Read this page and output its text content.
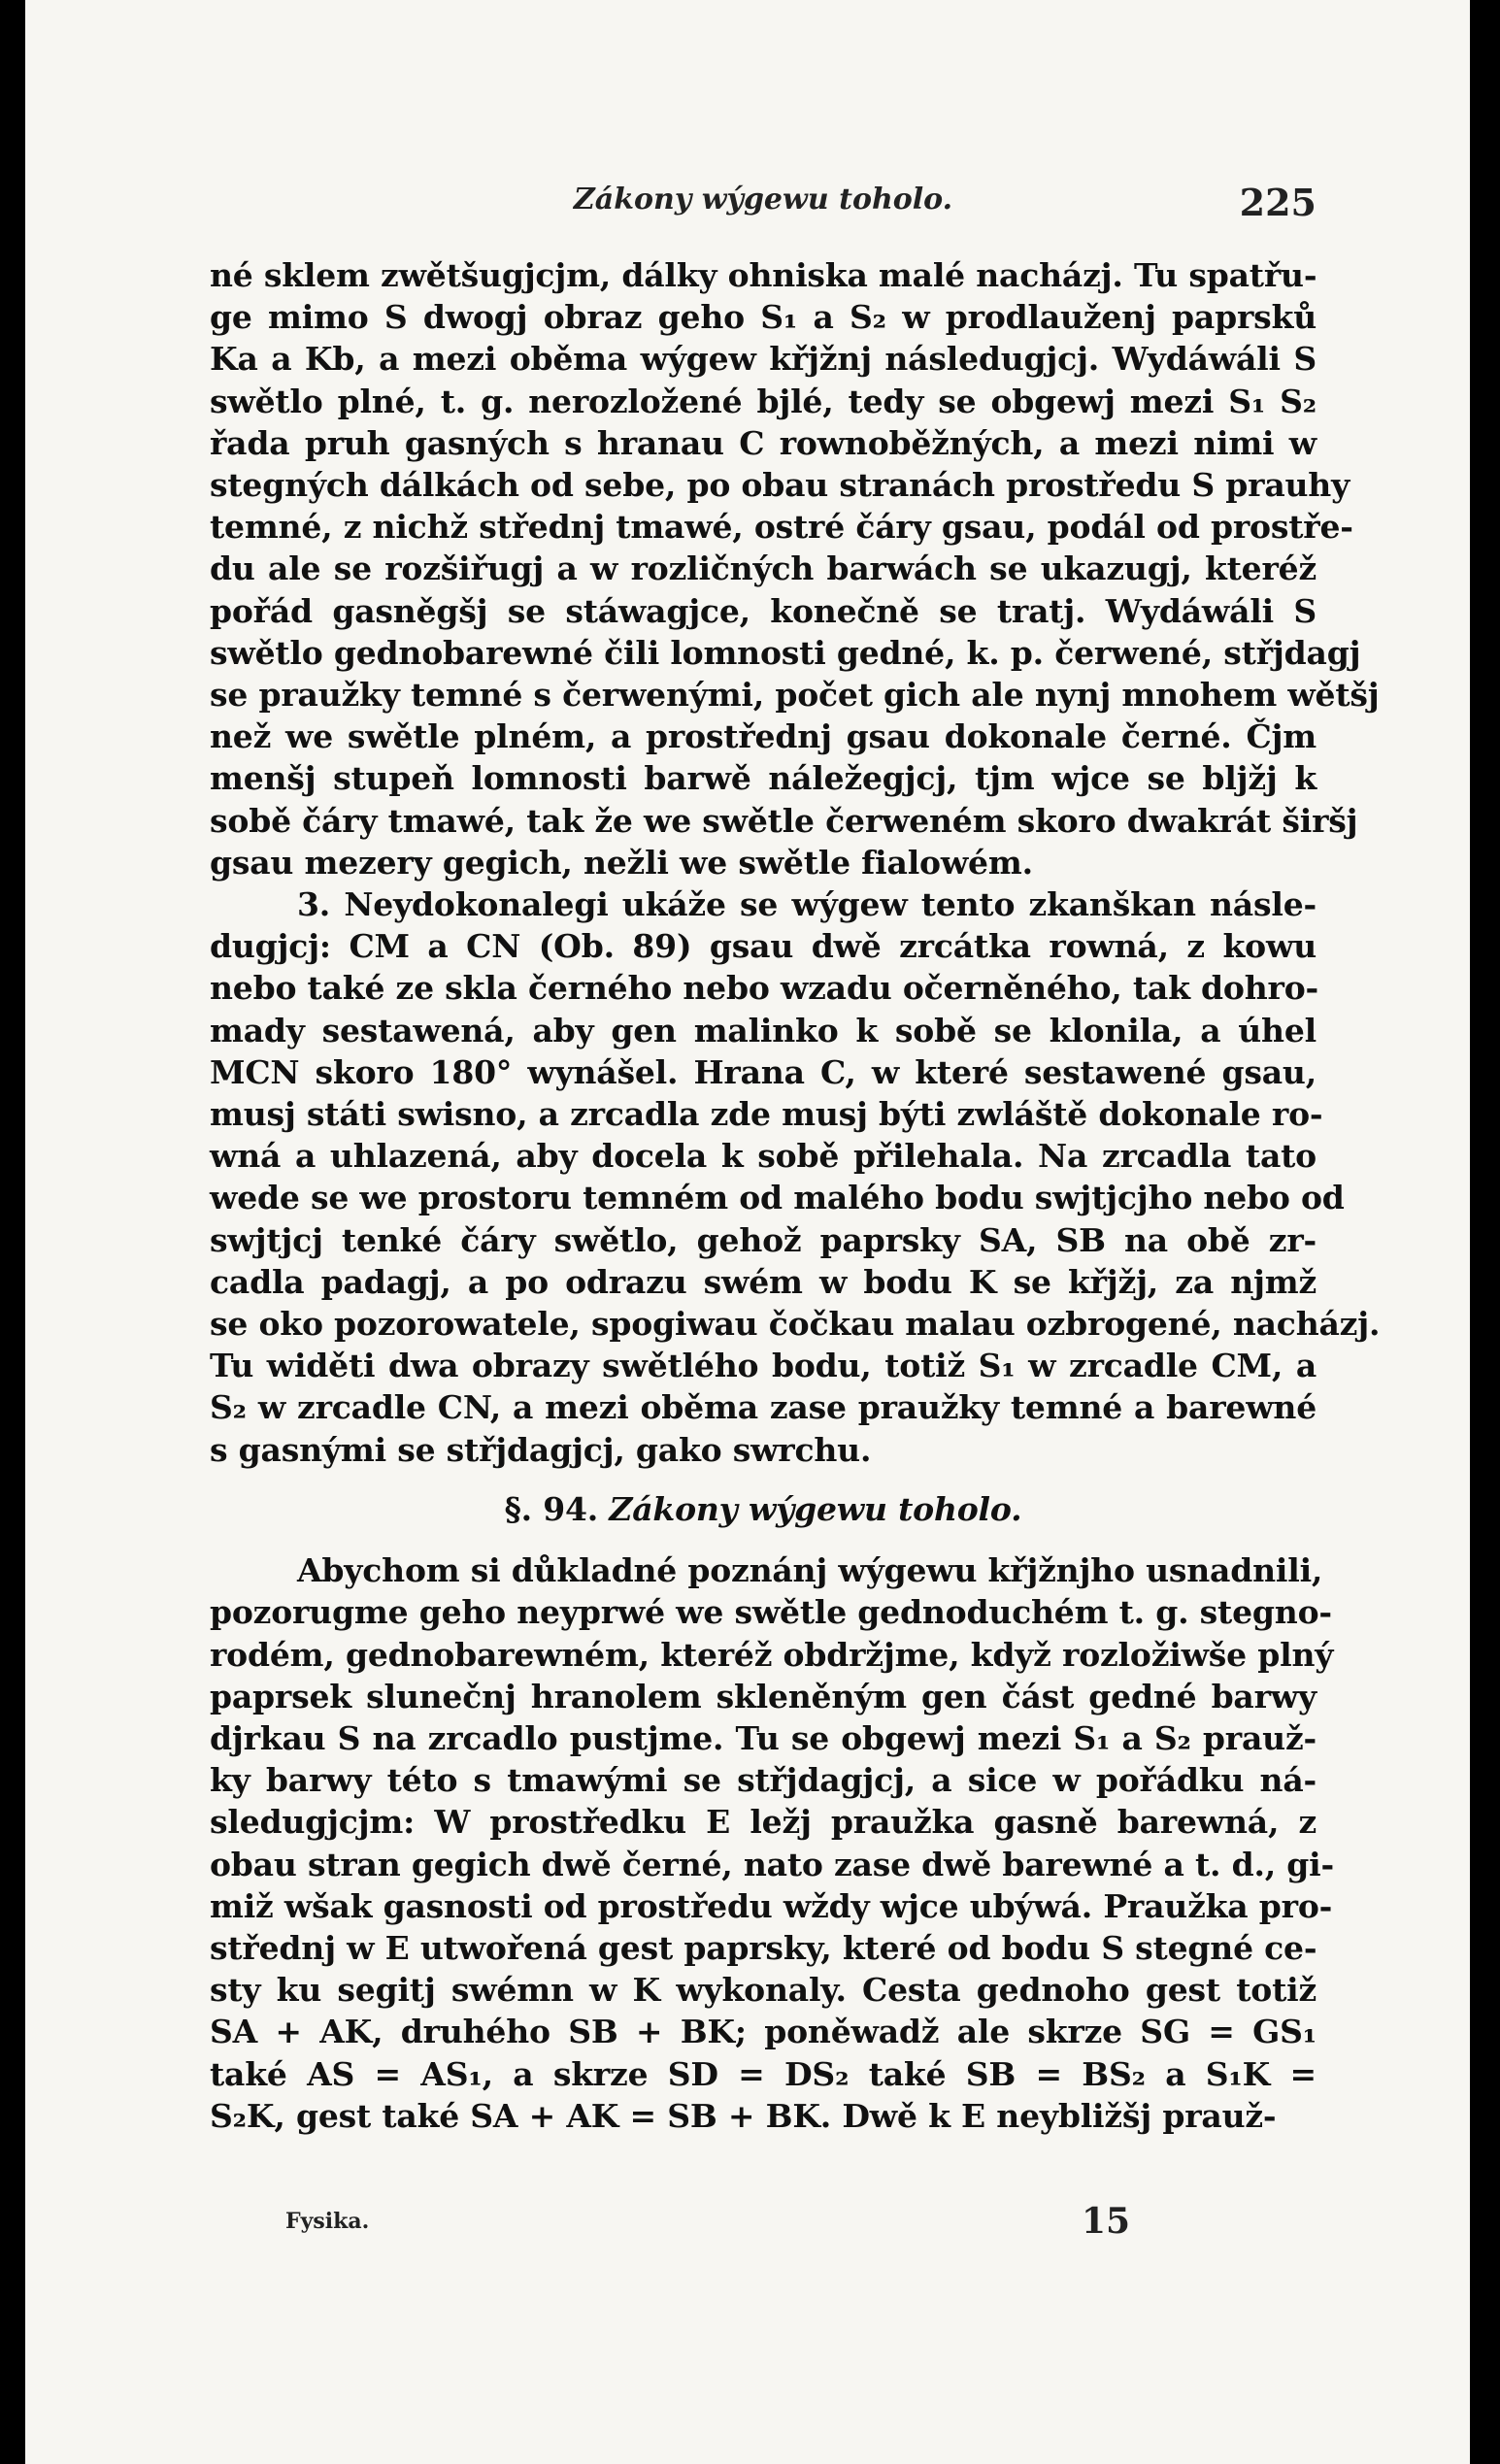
Zákony wýgewu toholo.	225
né sklem zwětšugjcjm, dálky ohniska malé nacházj. Tu spatřu-
ge mimo S dwogj obraz geho S₁ a S₂ w prodlauženj paprsků
Ka a Kb, a mezi oběma wýgew křjžnj následugjcj. Wydáwáli S
swětlo plné, t. g. nerozložené bjlé, tedy se obgewj mezi S₁ S₂
řada pruh gasných s hranau C rownoběžných, a mezi nimi w
stegných dálkách od sebe, po obau stranách prostředu S prauhy
temné, z nichž střednj tmawé, ostré čáry gsau, podál od prostře-
du ale se rozšiřugj a w rozličných barwách se ukazugj, kteréž
pořád gasněgšj se stáwagjce, konečně se tratj. Wydáwáli S
swětlo gednobarewné čili lomnosti gedné, k. p. čerwené, střjdagj
se praužky temné s čerwenými, počet gich ale nynj mnohem wětšj
než we swětle plném, a prostřednj gsau dokonale černé. Čjm
menšj stupeň lomnosti barwě náležegjcj, tjm wjce se bljžj k
sobě čáry tmawé, tak že we swětle čerweném skoro dwakrát širšj
gsau mezery gegich, nežli we swětle fialowém.
3. Neydokonalegi ukáže se wýgew tento zkanškan násle-
dugjcj: CM a CN (Ob. 89) gsau dwě zrcátka rowná, z kowu
nebo také ze skla černého nebo wzadu očerněného, tak dohro-
mady sestawená, aby gen malinko k sobě se klonila, a úhel
MCN skoro 180° wynášel. Hrana C, w které sestawené gsau,
musj státi swisno, a zrcadla zde musj býti zwláště dokonale ro-
wná a uhlazená, aby docela k sobě přilehala. Na zrcadla tato
wede se we prostoru temném od malého bodu swjtjcjho nebo od
swjtjcj tenké čáry swětlo, gehož paprsky SA, SB na obě zr-
cadla padagj, a po odrazu swém w bodu K se křjžj, za njmž
se oko pozorowatele, spogiwau čočkau malau ozbrogené, nacházj.
Tu widěti dwa obrazy swětlého bodu, totiž S₁ w zrcadle CM, a
S₂ w zrcadle CN, a mezi oběma zase praužky temné a barewné
s gasnými se střjdagjcj, gako swrchu.
§. 94. Zákony wýgewu toholo.
Abychom si důkladné poznánj wýgewu křjžnjho usnadnili,
pozorugme geho neyprwé we swětle gednoduchém t. g. stegno-
rodém, gednobarewném, kteréž obdržjme, když rozložiwše plný
paprsek slunečnj hranolem skleněným gen část gedné barwy
djrkau S na zrcadlo pustjme. Tu se obgewj mezi S₁ a S₂ prauž-
ky barwy této s tmawými se střjdagjcj, a sice w pořádku ná-
sledugjcjm: W prostředku E ležj praužka gasně barewná, z
obau stran gegich dwě černé, nato zase dwě barewné a t. d., gi-
miž wšak gasnosti od prostředu wždy wjce ubýwá. Praužka pro-
střednj w E utwořená gest paprsky, které od bodu S stegné ce-
sty ku segitj swémn w K wykonaly. Cesta gednoho gest totiž
SA + AK, druhého SB + BK; poněwadž ale skrze SG = GS₁
také AS = AS₁, a skrze SD = DS₂ také SB = BS₂ a S₁K =
S₂K, gest také SA + AK = SB + BK. Dwě k E neybližšj prauž-
Fysika.	15
